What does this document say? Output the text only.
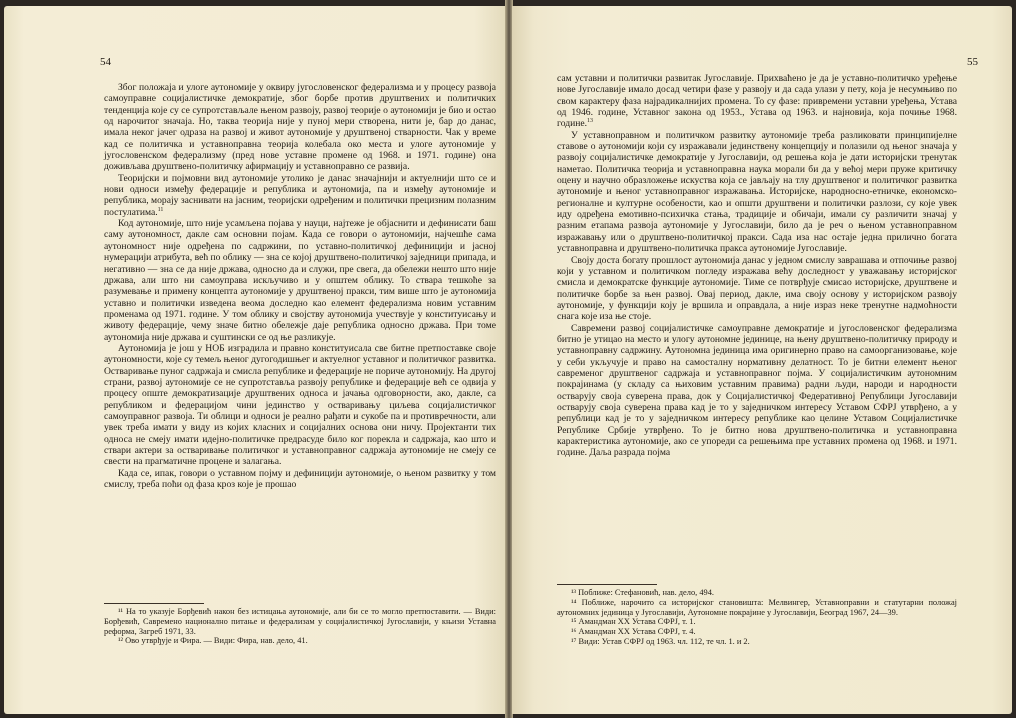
54

Због положаја и улоге аутономије у оквиру југословенског федерализма и у процесу развоја самоуправне социјалистичке демократије, због борбе против друштвених и политичких тенденција које су се супротстављале њеном развоју, развој теорије о аутономији је био и остао од нарочитог значаја. Но, таква теорија није у пуној мери створена, нити је, бар до данас, имала неког јачег одраза на развој и живот аутономије у друштвеној стварности. Чак у време кад се политичка и уставноправна теорија колебала око места и улоге аутономије у југословенском федерализму (пред нове уставне промене од 1968. и 1971. године) она доживљава друштвено-политичку афирмацију и уставноправно се развија.

Теоријски и појмовни вид аутономије утолико је данас значајнији и актуелнији што се и нови односи између федерације и република и аутономија, па и између аутономије и република, морају заснивати на јасним, теоријски одређеним и политички прецизним полазним постулатима.$^{11}$

Код аутономије, што није усамљена појава у науци, најтеже је објаснити и дефинисати баш саму аутономност, дакле сам основни појам. Када се говори о аутономији, најчешће сама аутономност није одређена по садржини, по уставно-политичкој дефиницији и јасној нумерацији атрибута, већ по облику — зна се којој друштвено-политичкој заједници припада, и негативно — зна се да није држава, односно да и служи, пре свега, да обележи нешто што није држава, али што ни самоуправа искључиво и у општем облику. То ствара тешкоће за разумевање и примену концепта аутономије у друштвеној пракси, тим више што је аутономија уставно и политички изведена веома доследно као елемент федерализма новим уставним променама од 1971. године. У том облику и својству аутономија учествује у конституисању и животу федерације, чему значе битно обележје даје република односно држава. При томе аутономија није држава и суштински се од ње разликује.

Аутономија је још у НОБ изградила и правно конституисала све битне претпоставке своје аутономности, које су темељ њеног дугогодишњег и актуелног уставног и политичког развитка. Остваривање пуног садржаја и смисла републике и федерације не пориче аутономију. На другој страни, развој аутономије се не супротставља развоју републике и федерације већ се одвија у процесу опште демократизације друштвених односа и јачања одговорности, ако, дакле, са републиком и федерацијом чини јединство у остваривању циљева социјалистичког самоуправног развоја. Ти облици и односи је реално рађати и сукобе па и противречности, али увек треба имати у виду из којих класних и социјалних основа они ничу. Пројектанти тих односа не смеју имати идејно-политичке предрасуде било ког порекла и садржаја, као што и ствари актери за остваривање политичког и уставноправног садржаја аутономије не смеју се свести на прагматичне процене и залагања.

Када се, ипак, говори о уставном појму и дефиницији аутономије, о њеном развитку у том смислу, треба поћи од фаза кроз које је прошао

¹¹ На то указује Борђевић након без истицања аутономије, али би се то могло претпоставити. — Види: Борђевић, Савремено национално питање и федерализам у социјалистичкој Југославији, у књизи Уставна реформа, Загреб 1971, 33.

¹² Ово утврђује и Фира. — Види: Фира, нав. дело, 41.

55

сам уставни и политички развитак Југославије. Прихваћено је да је уставно-политичко уређење нове Југославије имало досад четири фазе у развоју и да сада улази у пету, која је несумњиво по свом карактеру фаза најрадикалнијих промена. То су фазе: привремени уставни уређења, Устава од 1946. године, Уставног закона од 1953., Устава од 1963. и најновија, која почиње 1968. године.$^{13}$

У уставноправном и политичком развитку аутономије треба разликовати принципијелне ставове о аутономији који су изражавали јединствену концепцију и полазили од њеног значаја у развоју социјалистичке демократије у Југославији, од решења која је дати историјски тренутак наметао. Политичка теорија и уставноправна наука морали би да у већој мери пруже критичку оцену и научно образложење искуства која се јављају на тлу друштвеног и политичког развитка аутономије и њеног уставноправног изражавања. Историјске, народносно-етничке, економско-регионалне и културне особености, као и општи друштвени и политички разлози, су које увек иду одређена емотивно-психичка стања, традиције и обичаји, имали су различити значај у разним етапама развоја аутономије у Југославији, било да је реч о њеном уставноправном изражавању или о друштвено-политичкој пракси. Сада иза нас остаје једна прилично богата уставноправна и друштвено-политичка пракса аутономије Југославије.

Своју доста богату прошлост аутономија данас у једном смислу заврашава и отпочиње развој који у уставном и политичком погледу изражава већу доследност у уважавању историјског смисла и демократске функције аутономије. Тиме се потврђује смисао историјске, друштвене и политичке борбе за њен развој. Овај период, дакле, има своју основу у историјском развоју аутономије, у функцији коју је вршила и оправдала, а није израз неке тренутне надмоћности снага које иза ње стоје.

Савремени развој социјалистичке самоуправне демократије и југословенског федерализма битно је утицао на место и улогу аутономне јединице, на њену друштвено-политичку природу и уставноправну садржину. Аутономна јединица има оригинерно право на самоорганизовање, које у себи укључује и право на самосталну нормативну делатност. То је битни елемент њеног савременог друштвеног садржаја и уставноправног појма. У социјалистичким аутономним покрајинама (у складу са њиховим уставним правима) радни људи, народи и народности остварују своја суверена права, док у Социјалистичкој Федеративној Републици Југославији остварују своја суверена права кад је то у заједничком интересу Уставом СФРЈ утврђено, а у републици кад је то у заједничком интересу републике као целине Уставом Социјалистичке Републике Србије утврђено. То је битно нова друштвено-политичка и уставноправна карактеристика аутономије, ако се упореди са решењима пре уставних промена од 1968. и 1971. године. Даља разрада појма

¹³ Поближе: Стефановић, нав. дело, 494.

¹⁴ Поближе, нарочито са историјског становишта: Мелвингер, Уставноправни и статутарни положај аутономних јединица у Југославији, Аутономне покрајине у Југославији, Београд 1967, 24—39.

¹⁵ Амандман XX Устава СФРЈ, т. 1.

¹⁶ Амандман XX Устава СФРЈ, т. 4.

¹⁷ Види: Устав СФРЈ од 1963. чл. 112, те чл. 1. и 2.
